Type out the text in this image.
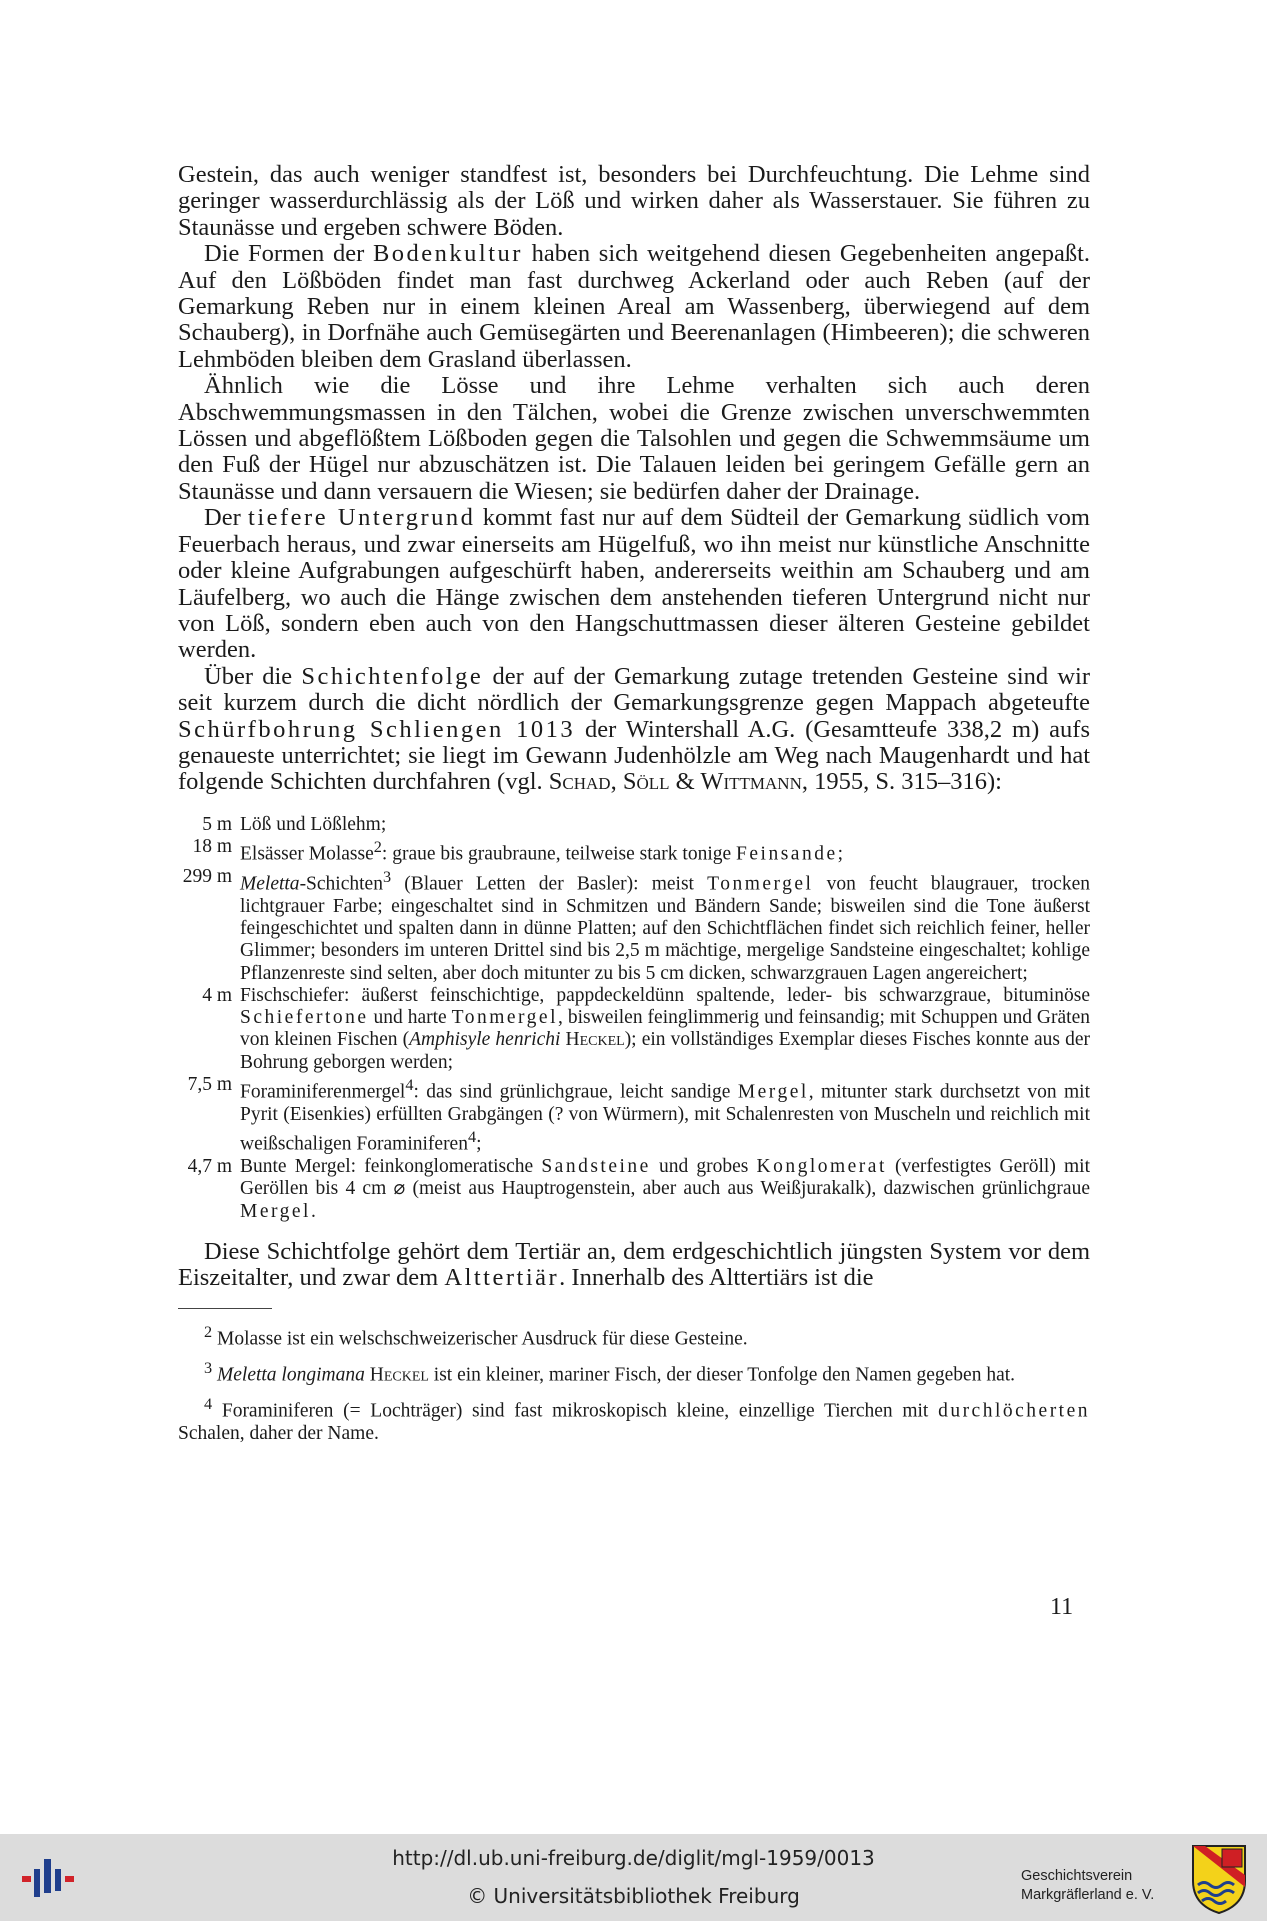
Gestein, das auch weniger standfest ist, besonders bei Durchfeuchtung. Die Lehme sind geringer wasserdurchlässig als der Löß und wirken daher als Wasserstauer. Sie führen zu Staunässe und ergeben schwere Böden.

Die Formen der Bodenkultur haben sich weitgehend diesen Gegebenheiten angepaßt. Auf den Lößböden findet man fast durchweg Ackerland oder auch Reben (auf der Gemarkung Reben nur in einem kleinen Areal am Wassenberg, überwiegend auf dem Schauberg), in Dorfnähe auch Gemüsegärten und Beerenanlagen (Himbeeren); die schweren Lehmböden bleiben dem Grasland überlassen.

Ähnlich wie die Lösse und ihre Lehme verhalten sich auch deren Abschwemmungsmassen in den Tälchen, wobei die Grenze zwischen unverschwemmten Lössen und abgeflößtem Lößboden gegen die Talsohlen und gegen die Schwemmsäume um den Fuß der Hügel nur abzuschätzen ist. Die Talauen leiden bei geringem Gefälle gern an Staunässe und dann versauern die Wiesen; sie bedürfen daher der Drainage.

Der tiefere Untergrund kommt fast nur auf dem Südteil der Gemarkung südlich vom Feuerbach heraus, und zwar einerseits am Hügelfuß, wo ihn meist nur künstliche Anschnitte oder kleine Aufgrabungen aufgeschürft haben, andererseits weithin am Schauberg und am Läufelberg, wo auch die Hänge zwischen dem anstehenden tieferen Untergrund nicht nur von Löß, sondern eben auch von den Hangschuttmassen dieser älteren Gesteine gebildet werden.

Über die Schichtenfolge der auf der Gemarkung zutage tretenden Gesteine sind wir seit kurzem durch die dicht nördlich der Gemarkungsgrenze gegen Mappach abgeteufte Schürfbohrung Schliengen 1013 der Wintershall A.G. (Gesamtteufe 338,2 m) aufs genaueste unterrichtet; sie liegt im Gewann Judenhölzle am Weg nach Maugenhardt und hat folgende Schichten durchfahren (vgl. Schad, Söll & Wittmann, 1955, S. 315–316):

5 m Löß und Lößlehm;
18 m Elsässer Molasse$^2$: graue bis graubraune, teilweise stark tonige Feinsande;
299 m Meletta-Schichten$^3$ (Blauer Letten der Basler): meist Tonmergel von feucht blaugrauer, trocken lichtgrauer Farbe; eingeschaltet sind in Schmitzen und Bändern Sande; bisweilen sind die Tone äußerst feingeschichtet und spalten dann in dünne Platten; auf den Schichtflächen findet sich reichlich feiner, heller Glimmer; besonders im unteren Drittel sind bis 2,5 m mächtige, mergelige Sandsteine eingeschaltet; kohlige Pflanzenreste sind selten, aber doch mitunter zu bis 5 cm dicken, schwarzgrauen Lagen angereichert;
4 m Fischschiefer: äußerst feinschichtige, pappdeckeldünn spaltende, leder- bis schwarzgraue, bituminöse Schiefertone und harte Tonmergel, bisweilen feinglimmerig und feinsandig; mit Schuppen und Gräten von kleinen Fischen (Amphisyle henrichi Heckel); ein vollständiges Exemplar dieses Fisches konnte aus der Bohrung geborgen werden;
7,5 m Foraminiferenmergel$^4$: das sind grünlichgraue, leicht sandige Mergel, mitunter stark durchsetzt von mit Pyrit (Eisenkies) erfüllten Grabgängen (? von Würmern), mit Schalenresten von Muscheln und reichlich mit weißschaligen Foraminiferen$^4$;
4,7 m Bunte Mergel: feinkonglomeratische Sandsteine und grobes Konglomerat (verfestigtes Geröll) mit Geröllen bis 4 cm ⌀ (meist aus Hauptrogenstein, aber auch aus Weißjurakalk), dazwischen grünlichgraue Mergel.

Diese Schichtfolge gehört dem Tertiär an, dem erdgeschichtlich jüngsten System vor dem Eiszeitalter, und zwar dem Alttertiär. Innerhalb des Alttertiärs ist die

$^2$ Molasse ist ein welschschweizerischer Ausdruck für diese Gesteine.

$^3$ Meletta longimana Heckel ist ein kleiner, mariner Fisch, der dieser Tonfolge den Namen gegeben hat.

$^4$ Foraminiferen (= Lochträger) sind fast mikroskopisch kleine, einzellige Tierchen mit durchlöcherten Schalen, daher der Name.

11
http://dl.ub.uni-freiburg.de/diglit/mgl-1959/0013
© Universitätsbibliothek Freiburg
Geschichtsverein
Markgräflerland e. V.
